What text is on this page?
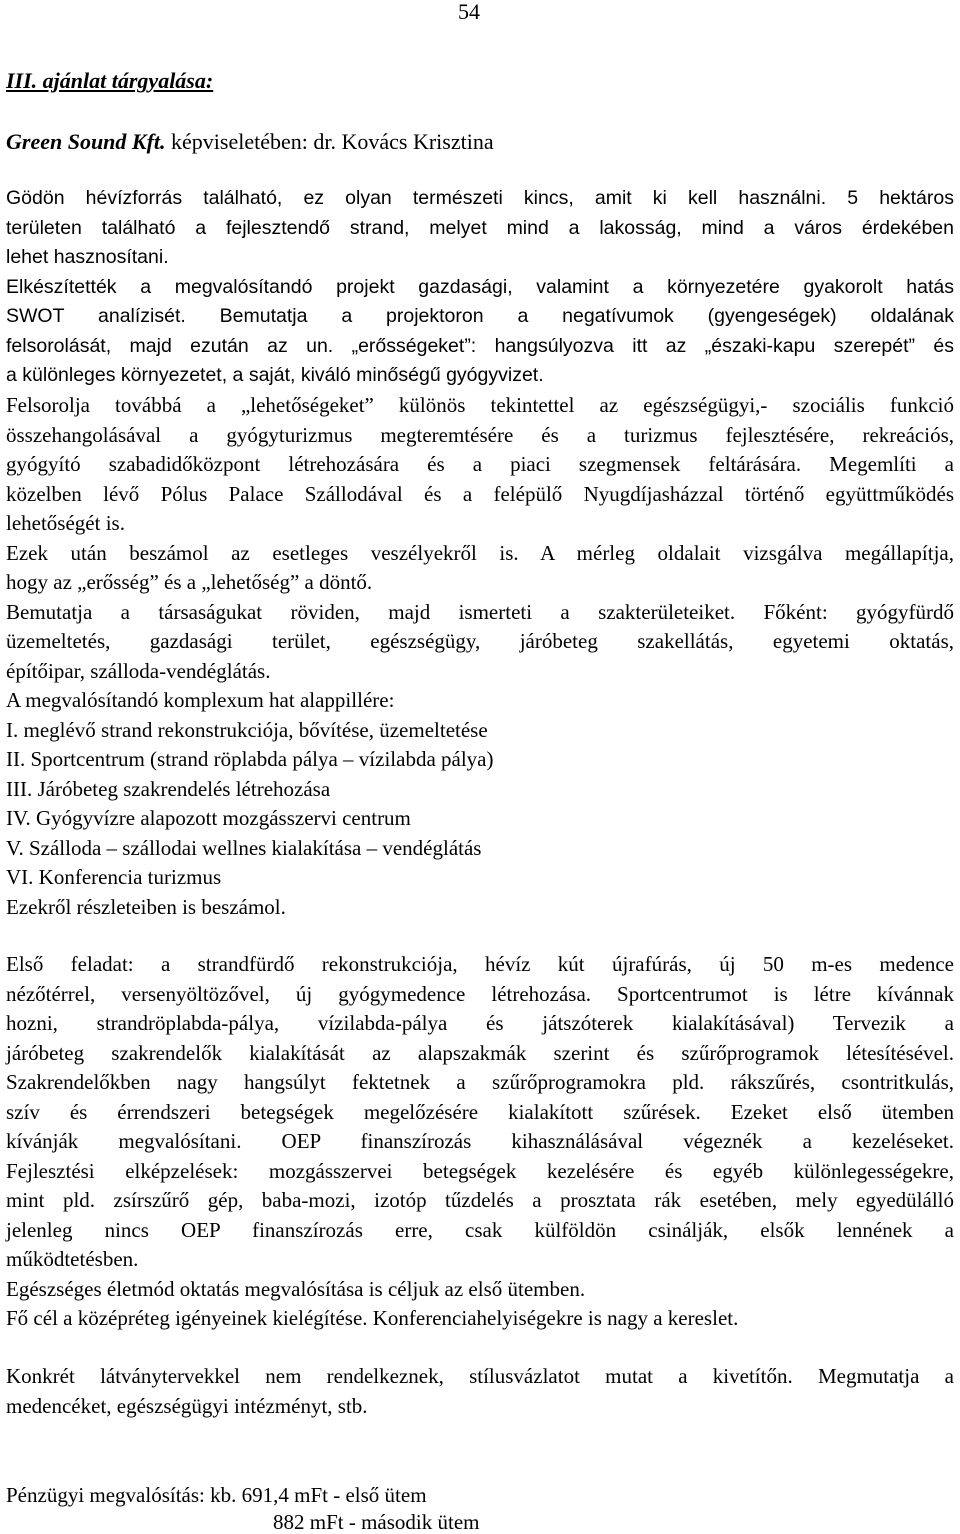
54
III. ajánlat tárgyalása:
Green Sound Kft. képviseletében: dr. Kovács Krisztina
Gödön hévízforrás található, ez olyan természeti kincs, amit ki kell használni. 5 hektáros
területen található a fejlesztendő strand, melyet mind a lakosság, mind a város érdekében
lehet hasznosítani.
Elkészítették a megvalósítandó projekt gazdasági, valamint a környezetére gyakorolt hatás
SWOT analízisét. Bemutatja a projektoron a negatívumok (gyengeségek) oldalának
felsorolását, majd ezután az un. „erősségeket”: hangsúlyozva itt az „északi-kapu szerepét” és
a különleges környezetet, a saját, kiváló minőségű gyógyvizet.
Felsorolja továbbá a „lehetőségeket” különös tekintettel az egészségügyi,- szociális funkció
összehangolásával a gyógyturizmus megteremtésére és a turizmus fejlesztésére, rekreációs,
gyógyító szabadidőközpont létrehozására és a piaci szegmensek feltárására. Megemlíti a
közelben lévő Pólus Palace Szállodával és a felépülő Nyugdíjasházzal történő együttműködés
lehetőségét is.
Ezek után beszámol az esetleges veszélyekről is. A mérleg oldalait vizsgálva megállapítja,
hogy az „erősség” és a „lehetőség” a döntő.
Bemutatja a társaságukat röviden, majd ismerteti a szakterületeiket. Főként: gyógyfürdő
üzemeltetés, gazdasági terület, egészségügy, járóbeteg szakellátás, egyetemi oktatás,
építőipar, szálloda-vendéglátás.
A megvalósítandó komplexum hat alappillére:
I. meglévő strand rekonstrukciója, bővítése, üzemeltetése
II. Sportcentrum (strand röplabda pálya – vízilabda pálya)
III. Járóbeteg szakrendelés létrehozása
IV. Gyógyvízre alapozott mozgásszervi centrum
V. Szálloda – szállodai wellnes kialakítása – vendéglátás
VI. Konferencia turizmus
Ezekről részleteiben is beszámol.
Első feladat: a strandfürdő rekonstrukciója, hévíz kút újrafúrás, új 50 m-es medence
nézőtérrel, versenyöltözővel, új gyógymedence létrehozása. Sportcentrumot is létre kívánnak
hozni, strandröplabda-pálya, vízilabda-pálya és játszóterek kialakításával) Tervezik a
járóbeteg szakrendelők kialakítását az alapszakmák szerint és szűrőprogramok létesítésével.
Szakrendelőkben nagy hangsúlyt fektetnek a szűrőprogramokra pld. rákszűrés, csontritkulás,
szív és érrendszeri betegségek megelőzésére kialakított szűrések. Ezeket első ütemben
kívánják megvalósítani. OEP finanszírozás kihasználásával végeznék a kezeléseket.
Fejlesztési elképzelések: mozgásszervei betegségek kezelésére és egyéb különlegességekre,
mint pld. zsírszűrő gép, baba-mozi, izotóp tűzdelés a prosztata rák esetében, mely egyedülálló
jelenleg nincs OEP finanszírozás erre, csak külföldön csinálják, elsők lennének a
működtetésben.
Egészséges életmód oktatás megvalósítása is céljuk az első ütemben.
Fő cél a középréteg igényeinek kielégítése. Konferenciahelyiségekre is nagy a kereslet.
Konkrét látványtervekkel nem rendelkeznek, stílusvázlatot mutat a kivetítőn. Megmutatja a
medencéket, egészségügyi intézményt, stb.
Pénzügyi megvalósítás: kb. 691,4 mFt - első ütem
882 mFt - második ütem
